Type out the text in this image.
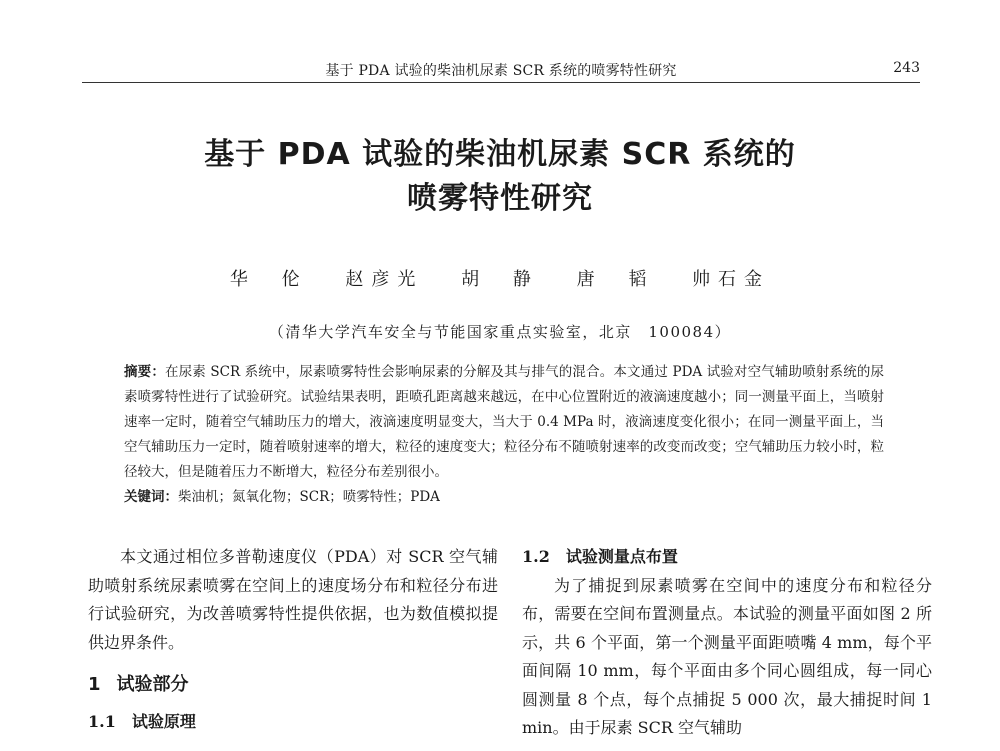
基于 PDA 试验的柴油机尿素 SCR 系统的喷雾特性研究	243
基于 PDA 试验的柴油机尿素 SCR 系统的
喷雾特性研究
华 伦 赵彦光 胡 静 唐 韬 帅石金
（清华大学汽车安全与节能国家重点实验室，北京　100084）

摘要：在尿素 SCR 系统中，尿素喷雾特性会影响尿素的分解及其与排气的混合。本文通过 PDA 试验对空气辅助喷射系统的尿素喷雾特性进行了试验研究。试验结果表明，距喷孔距离越来越远，在中心位置附近的液滴速度越小；同一测量平面上，当喷射速率一定时，随着空气辅助压力的增大，液滴速度明显变大，当大于 0.4 MPa 时，液滴速度变化很小；在同一测量平面上，当空气辅助压力一定时，随着喷射速率的增大，粒径的速度变大；粒径分布不随喷射速率的改变而改变；空气辅助压力较小时，粒径较大，但是随着压力不断增大，粒径分布差别很小。

关键词：柴油机；氮氧化物；SCR；喷雾特性；PDA

本文通过相位多普勒速度仪（PDA）对 SCR 空气辅助喷射系统尿素喷雾在空间上的速度场分布和粒径分布进行试验研究，为改善喷雾特性提供依据，也为数值模拟提供边界条件。

1 试验部分
1.1 试验原理
1.2 试验测量点布置

为了捕捉到尿素喷雾在空间中的速度分布和粒径分布，需要在空间布置测量点。本试验的测量平面如图 2 所示，共 6 个平面，第一个测量平面距喷嘴 4 mm，每个平面间隔 10 mm，每个平面由多个同心圆组成，每一同心圆测量 8 个点，每个点捕捉 5 000 次，最大捕捉时间 1 min。由于尿素 SCR 空气辅助
